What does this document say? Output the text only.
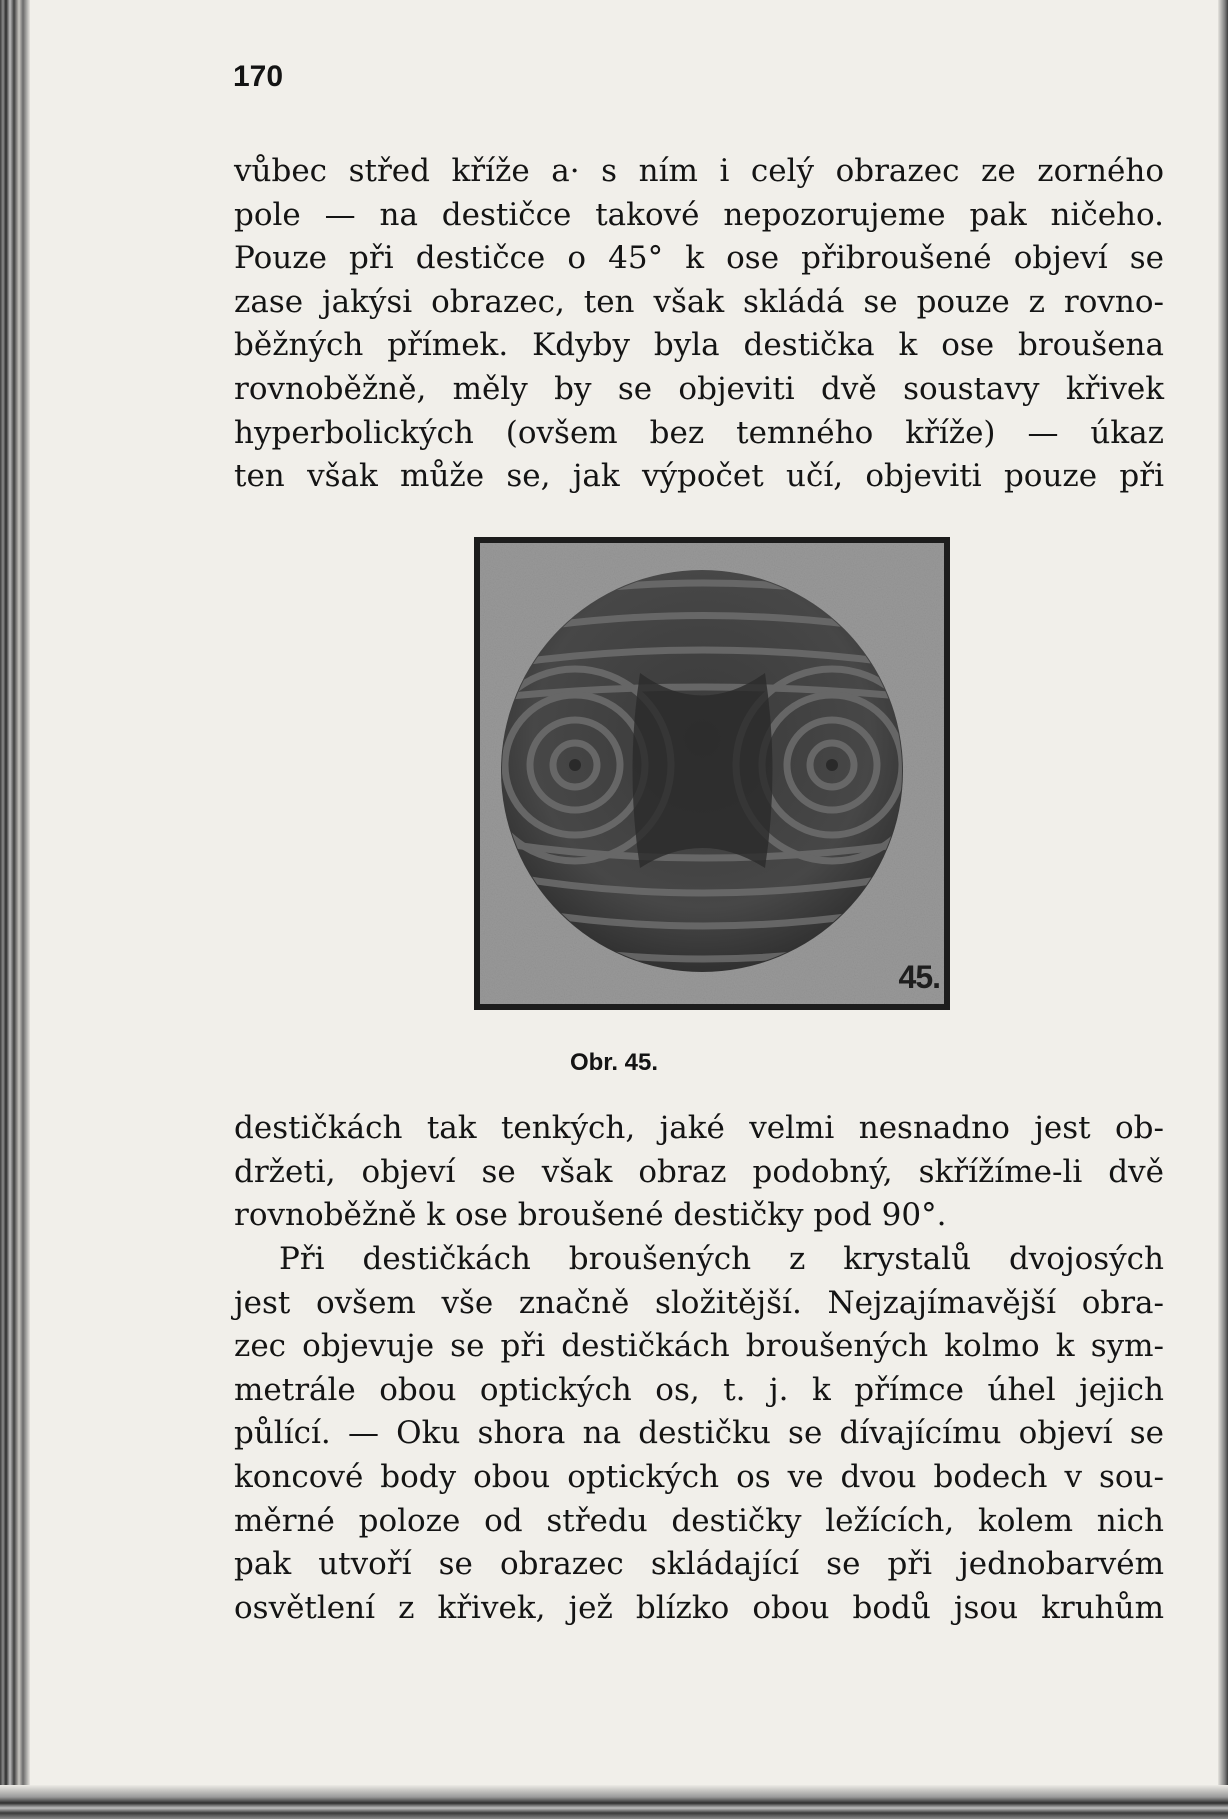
170
vůbec střed kříže a· s ním i celý obrazec ze zorného
pole — na destičce takové nepozorujeme pak ničeho.
Pouze při destičce o 45° k ose přibroušené objeví se
zase jakýsi obrazec, ten však skládá se pouze z rovno-
běžných přímek. Kdyby byla destička k ose broušena
rovnoběžně, měly by se objeviti dvě soustavy křivek
hyperbolických (ovšem bez temného kříže) — úkaz
ten však může se, jak výpočet učí, objeviti pouze při
45.
Obr. 45.
destičkách tak tenkých, jaké velmi nesnadno jest ob-
držeti, objeví se však obraz podobný, skřížíme-li dvě
rovnoběžně k ose broušené destičky pod 90°.
Při destičkách broušených z krystalů dvojosých
jest ovšem vše značně složitější. Nejzajímavější obra-
zec objevuje se při destičkách broušených kolmo k sym-
metrále obou optických os, t. j. k přímce úhel jejich
půlící. — Oku shora na destičku se dívajícímu objeví se
koncové body obou optických os ve dvou bodech v sou-
měrné poloze od středu destičky ležících, kolem nich
pak utvoří se obrazec skládající se při jednobarvém
osvětlení z křivek, jež blízko obou bodů jsou kruhům
